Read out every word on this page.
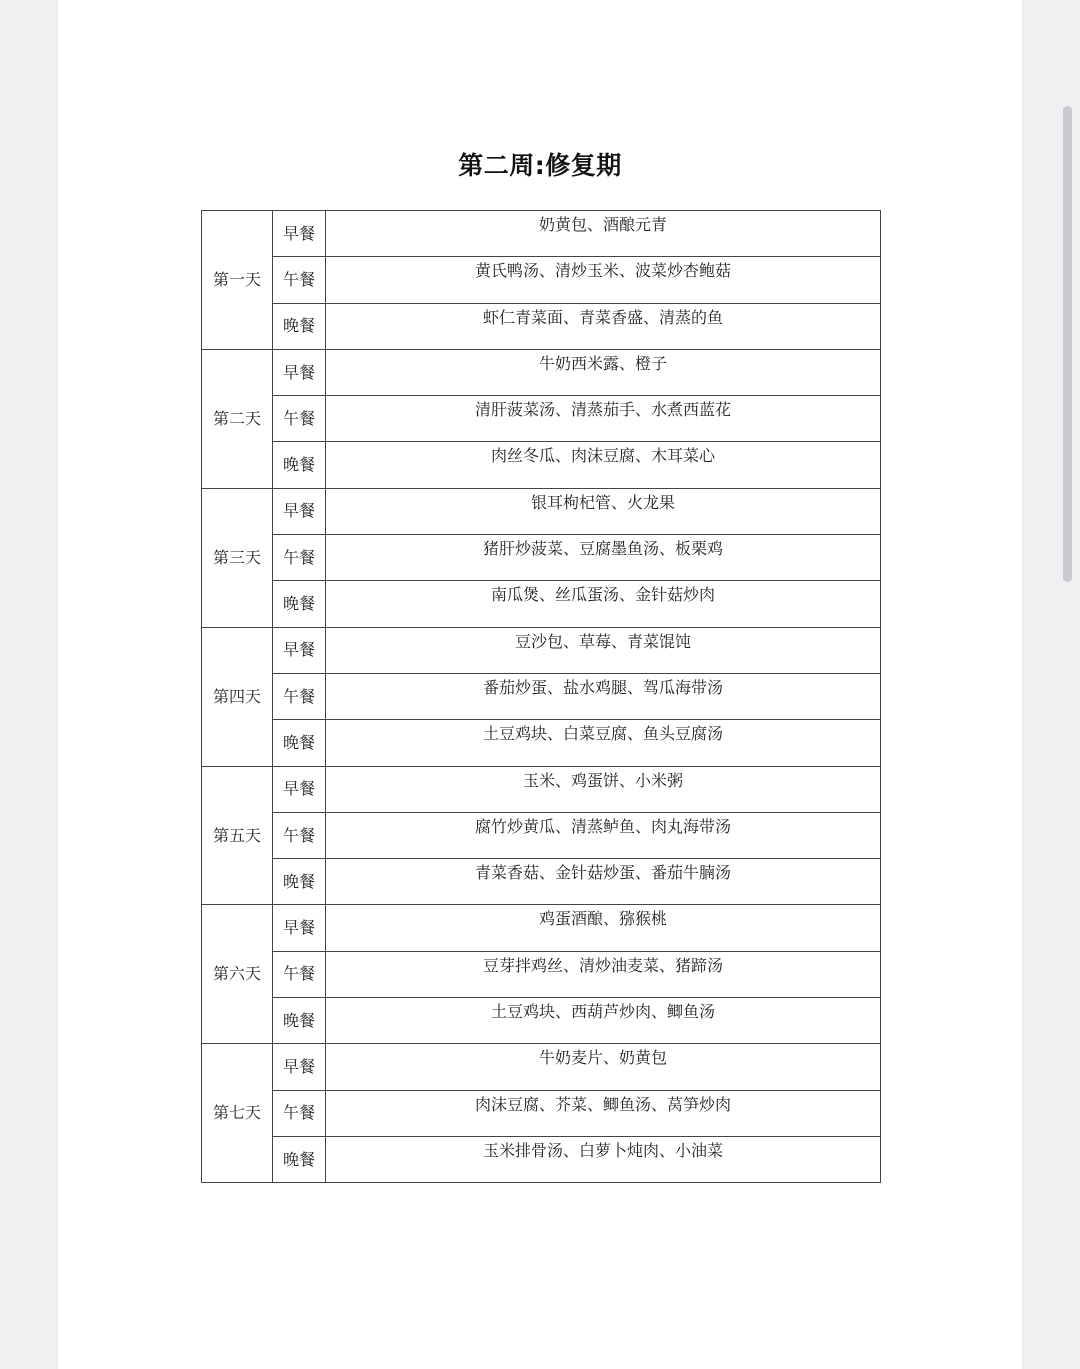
第二周:修复期
第一天	早餐	奶黄包、酒酿元青
	午餐	黄氏鸭汤、清炒玉米、波菜炒杏鲍菇
	晚餐	虾仁青菜面、青菜香盛、清蒸的鱼
第二天	早餐	牛奶西米露、橙子
	午餐	清肝菠菜汤、清蒸茄手、水煮西蓝花
	晚餐	肉丝冬瓜、肉沫豆腐、木耳菜心
第三天	早餐	银耳枸杞管、火龙果
	午餐	猪肝炒菠菜、豆腐墨鱼汤、板栗鸡
	晚餐	南瓜煲、丝瓜蛋汤、金针菇炒肉
第四天	早餐	豆沙包、草莓、青菜馄饨
	午餐	番茄炒蛋、盐水鸡腿、驾瓜海带汤
	晚餐	土豆鸡块、白菜豆腐、鱼头豆腐汤
第五天	早餐	玉米、鸡蛋饼、小米粥
	午餐	腐竹炒黄瓜、清蒸鲈鱼、肉丸海带汤
	晚餐	青菜香菇、金针菇炒蛋、番茄牛腩汤
第六天	早餐	鸡蛋酒酿、猕猴桃
	午餐	豆芽拌鸡丝、清炒油麦菜、猪蹄汤
	晚餐	土豆鸡块、西葫芦炒肉、鲫鱼汤
第七天	早餐	牛奶麦片、奶黄包
	午餐	肉沫豆腐、芥菜、鲫鱼汤、莴笋炒肉
	晚餐	玉米排骨汤、白萝卜炖肉、小油菜
